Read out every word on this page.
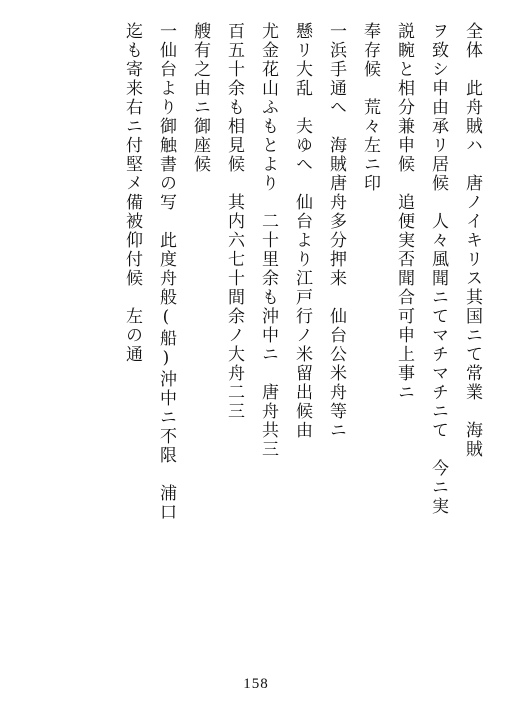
全体　此舟賊ハ　唐ノイキリス其国ニて常業　海賊
ヲ致シ申由承リ居候　人々風聞ニてマチマチニて　今ニ実
説睕と相分兼申候　追便実否聞合可申上事ニ
奉存候　荒々左ニ印
一浜手通へ　海賊唐舟多分押来　仙台公米舟等ニ
懸リ大乱　夫ゆへ　仙台より江戸行ノ米留出候由
尤金花山ふもとより　二十里余も沖中ニ　唐舟共三
百五十余も相見候　其内六七十間余ノ大舟二三
艘有之由ニ御座候
一仙台より御触書の写　此度舟般(船)沖中ニ不限　浦口
迄も寄来右ニ付堅メ備被仰付候　左の通
158
